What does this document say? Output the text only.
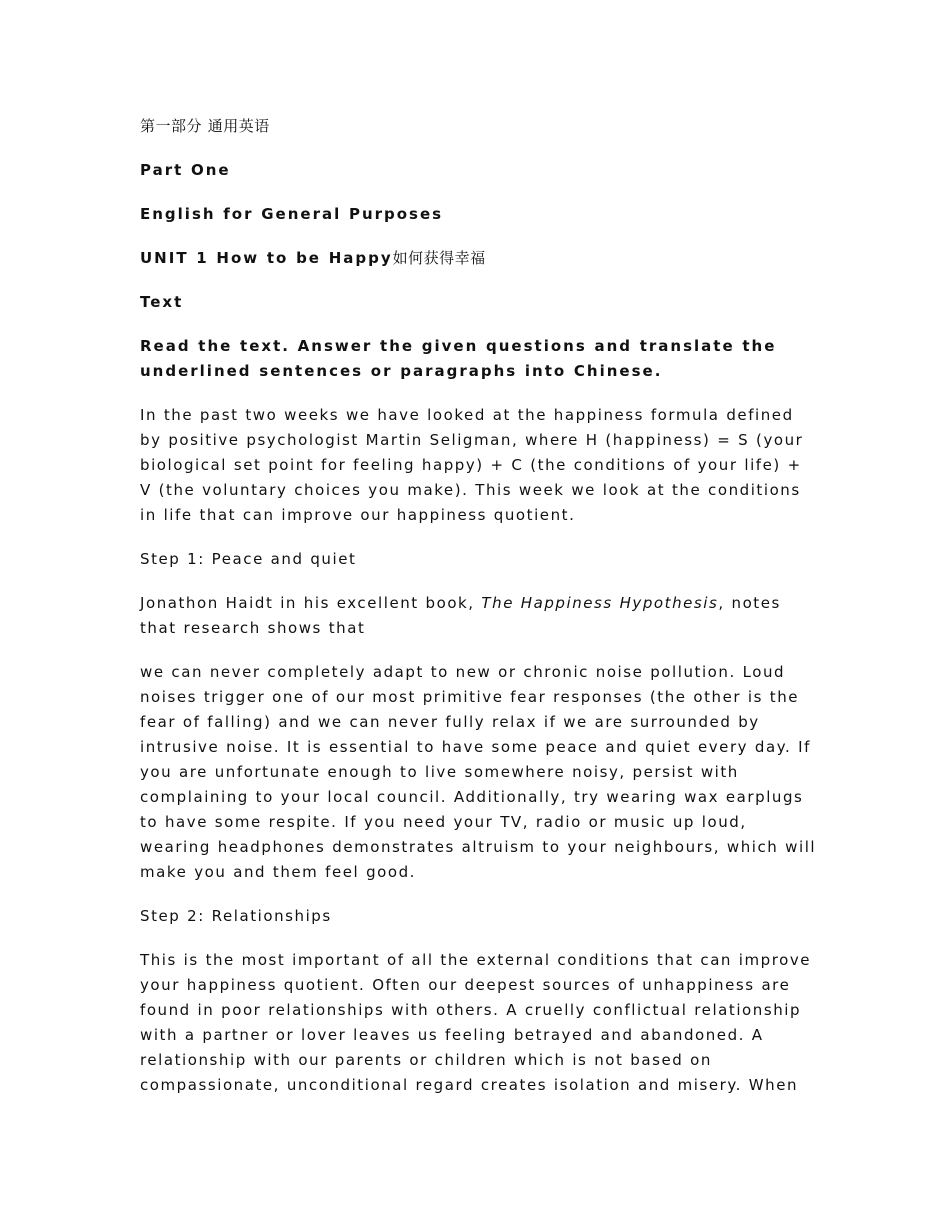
第一部分 通用英语

Part One

English for General Purposes

UNIT 1 How to be Happy如何获得幸福

Text

Read the text. Answer the given questions and translate the underlined sentences or paragraphs into Chinese.

In the past two weeks we have looked at the happiness formula defined by positive psychologist Martin Seligman, where H (happiness) = S (your biological set point for feeling happy) + C (the conditions of your life) + V (the voluntary choices you make). This week we look at the conditions in life that can improve our happiness quotient.

Step 1: Peace and quiet

Jonathon Haidt in his excellent book, The Happiness Hypothesis, notes that research shows that

we can never completely adapt to new or chronic noise pollution. Loud noises trigger one of our most primitive fear responses (the other is the fear of falling) and we can never fully relax if we are surrounded by intrusive noise. It is essential to have some peace and quiet every day. If you are unfortunate enough to live somewhere noisy, persist with complaining to your local council. Additionally, try wearing wax earplugs to have some respite. If you need your TV, radio or music up loud, wearing headphones demonstrates altruism to your neighbours, which will make you and them feel good.

Step 2: Relationships

This is the most important of all the external conditions that can improve your happiness quotient. Often our deepest sources of unhappiness are found in poor relationships with others. A cruelly conflictual relationship with a partner or lover leaves us feeling betrayed and abandoned. A relationship with our parents or children which is not based on compassionate, unconditional regard creates isolation and misery. When
